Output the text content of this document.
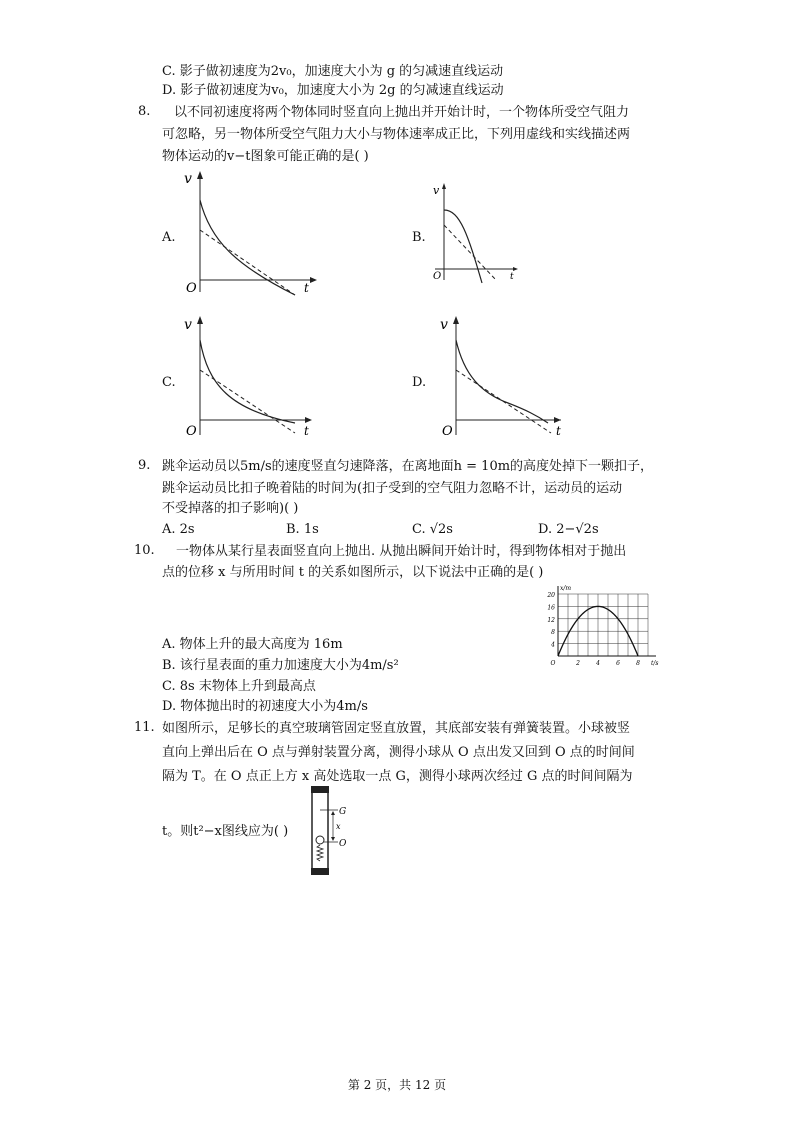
C. 影子做初速度为2v₀，加速度大小为 g 的匀减速直线运动
D. 影子做初速度为v₀，加速度大小为 2g 的匀减速直线运动
8. 以不同初速度将两个物体同时竖直向上抛出并开始计时，一个物体所受空气阻力
可忽略，另一物体所受空气阻力大小与物体速率成正比，下列用虚线和实线描述两
物体运动的v−t图象可能正确的是( )
A.	B.
C.	D.
v
t
O
v
t
O
v
t
O
v
t
O
9. 跳伞运动员以5m/s的速度竖直匀速降落，在离地面h = 10m的高度处掉下一颗扣子，
跳伞运动员比扣子晚着陆的时间为(扣子受到的空气阻力忽略不计，运动员的运动
不受掉落的扣子影响)( )
A. 2s	B. 1s	C. √2s	D. 2−√2s
10. 一物体从某行星表面竖直向上抛出. 从抛出瞬间开始计时，得到物体相对于抛出
点的位移 x 与所用时间 t 的关系如图所示，以下说法中正确的是( )
4
8
12
16
20
O	2	4	6	8
x/m
t/s
A. 物体上升的最大高度为 16m
B. 该行星表面的重力加速度大小为4m/s²
C. 8s 末物体上升到最高点
D. 物体抛出时的初速度大小为4m/s
11. 如图所示，足够长的真空玻璃管固定竖直放置，其底部安装有弹簧装置。小球被竖
直向上弹出后在 O 点与弹射装置分离，测得小球从 O 点出发又回到 O 点的时间间
隔为 T。在 O 点正上方 x 高处选取一点 G，测得小球两次经过 G 点的时间间隔为
t。则t²−x图线应为( )
G
x
O
第 2 页，共 12 页
